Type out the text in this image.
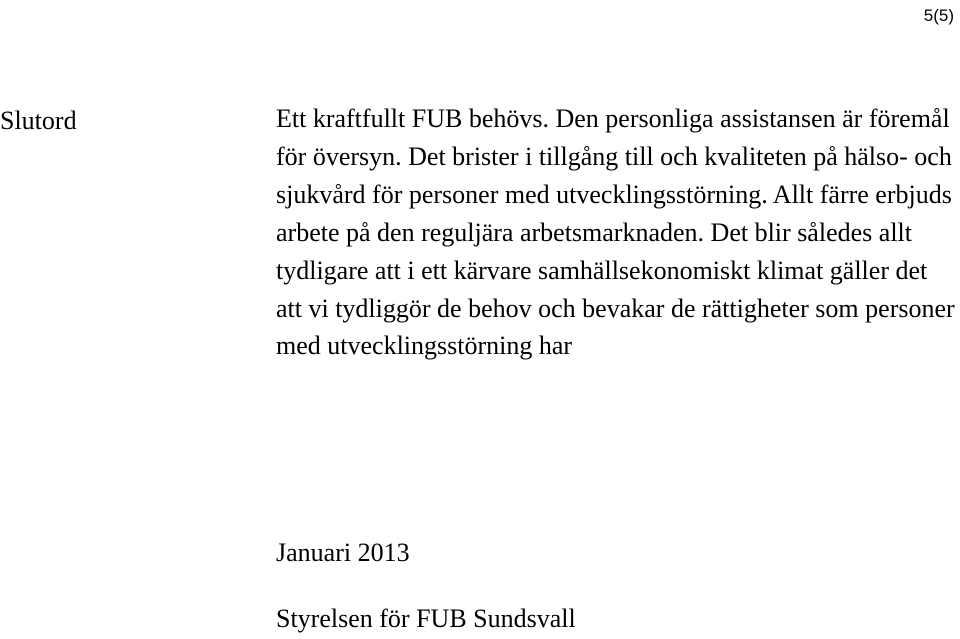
5(5)
Slutord	Ett kraftfullt FUB behövs. Den personliga assistansen är föremål för översyn. Det brister i tillgång till och kvaliteten på hälso- och sjukvård för personer med utvecklingsstörning. Allt färre erbjuds arbete på den reguljära arbetsmarknaden. Det blir således allt tydligare att i ett kärvare samhällsekonomiskt klimat gäller det att vi tydliggör de behov och bevakar de rättigheter som personer med utvecklingsstörning har

Januari 2013

Styrelsen för FUB Sundsvall
